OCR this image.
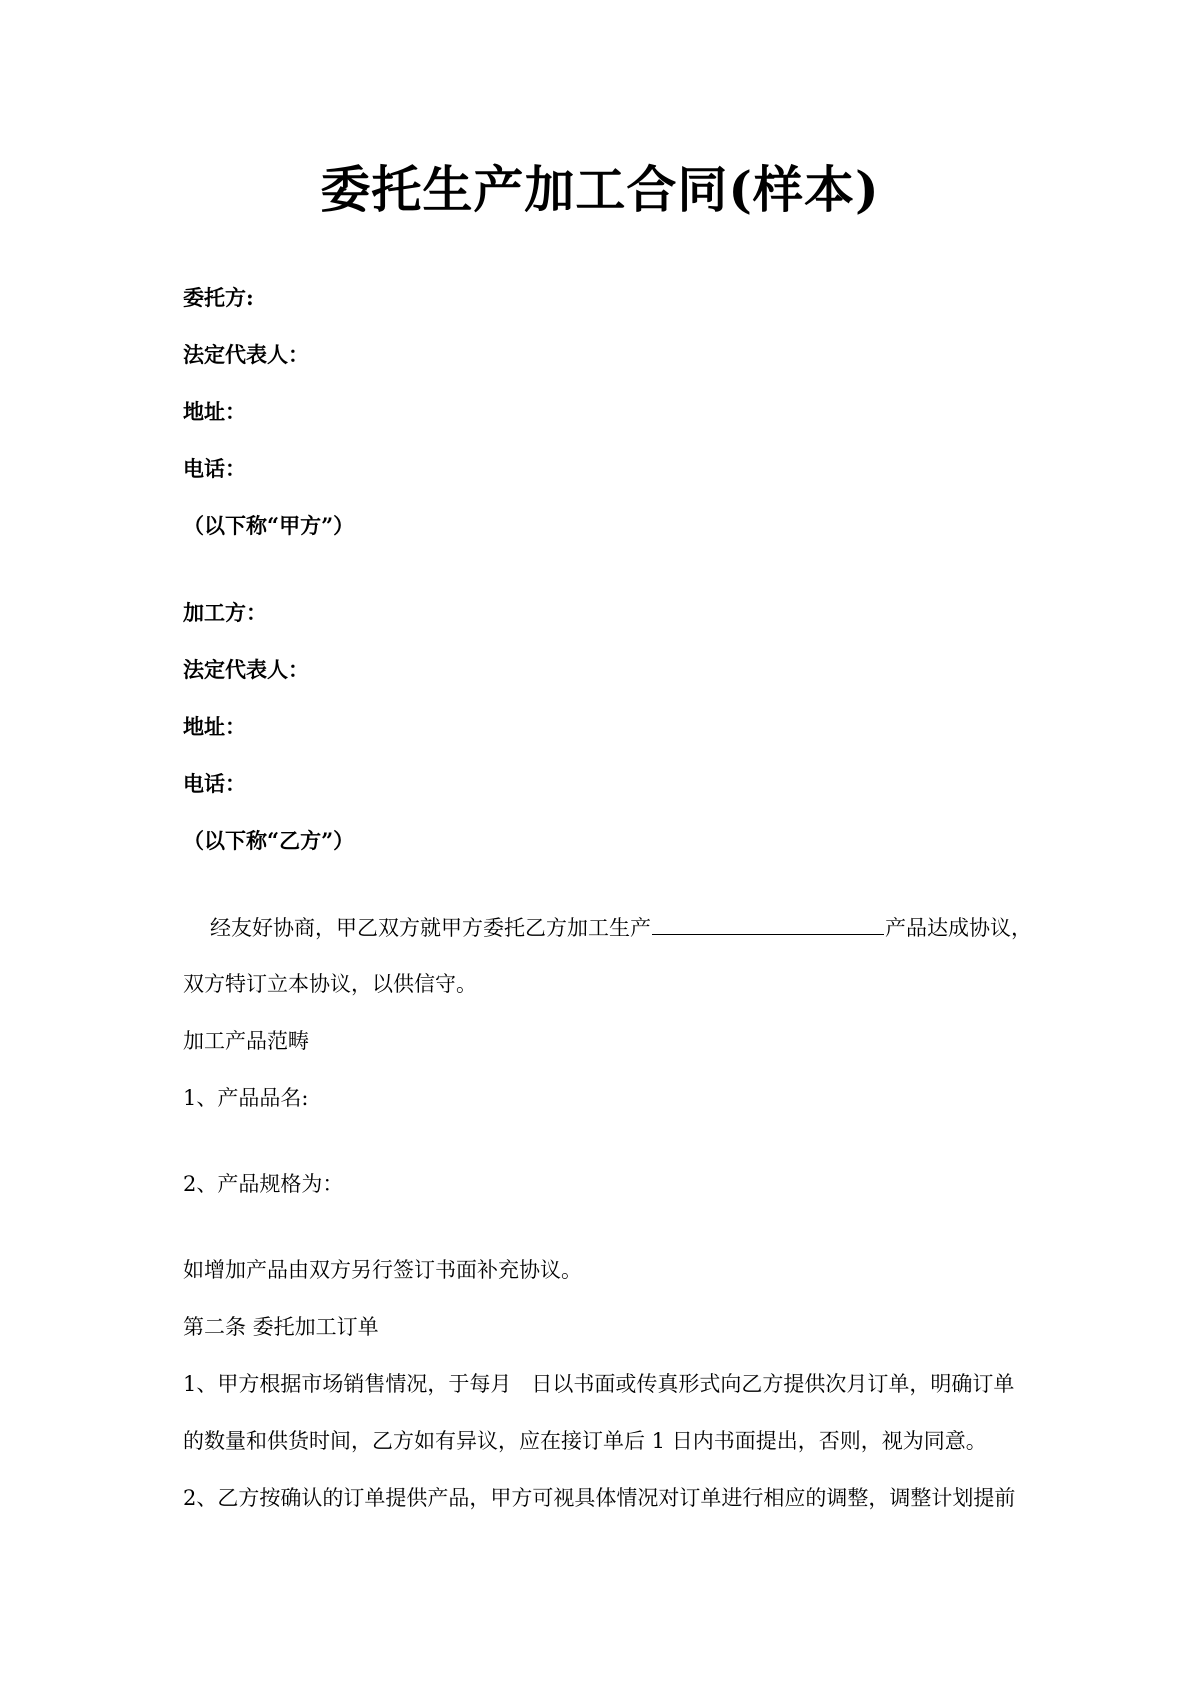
委托生产加工合同(样本)
委托方:
法定代表人：
地址：
电话：
（以下称“甲方”）
加工方：
法定代表人：
地址：
电话：
（以下称“乙方”）
经友好协商，甲乙双方就甲方委托乙方加工生产	产品达成协议，
双方特订立本协议，以供信守。
加工产品范畴
1、产品品名:
2、产品规格为：
如增加产品由双方另行签订书面补充协议。
第二条 委托加工订单
1、甲方根据市场销售情况，于每月 日以书面或传真形式向乙方提供次月订单，明确订单
的数量和供货时间，乙方如有异议，应在接订单后 1 日内书面提出，否则，视为同意。
2、乙方按确认的订单提供产品，甲方可视具体情况对订单进行相应的调整，调整计划提前
